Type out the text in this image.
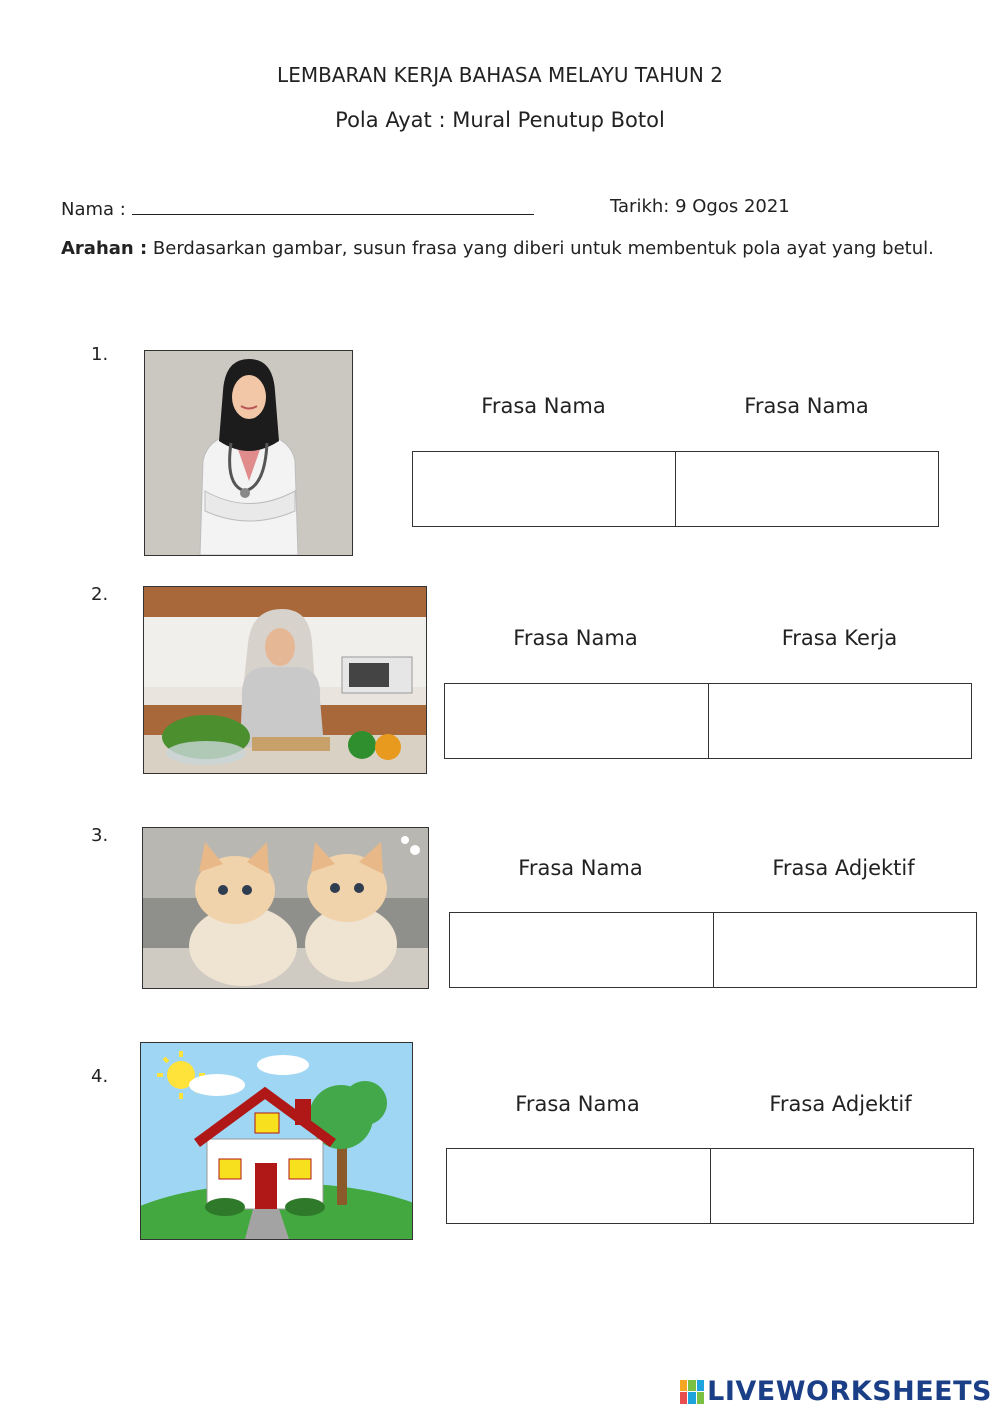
LEMBARAN KERJA BAHASA MELAYU TAHUN 2
Pola Ayat : Mural Penutup Botol
Nama :	Tarikh: 9 Ogos 2021
Arahan : Berdasarkan gambar, susun frasa yang diberi untuk membentuk pola ayat yang betul.
1.
Frasa Nama	Frasa Nama
2.
Frasa Nama	Frasa Kerja
3.
Frasa Nama	Frasa Adjektif
4.
Frasa Nama	Frasa Adjektif
LIVEWORKSHEETS
